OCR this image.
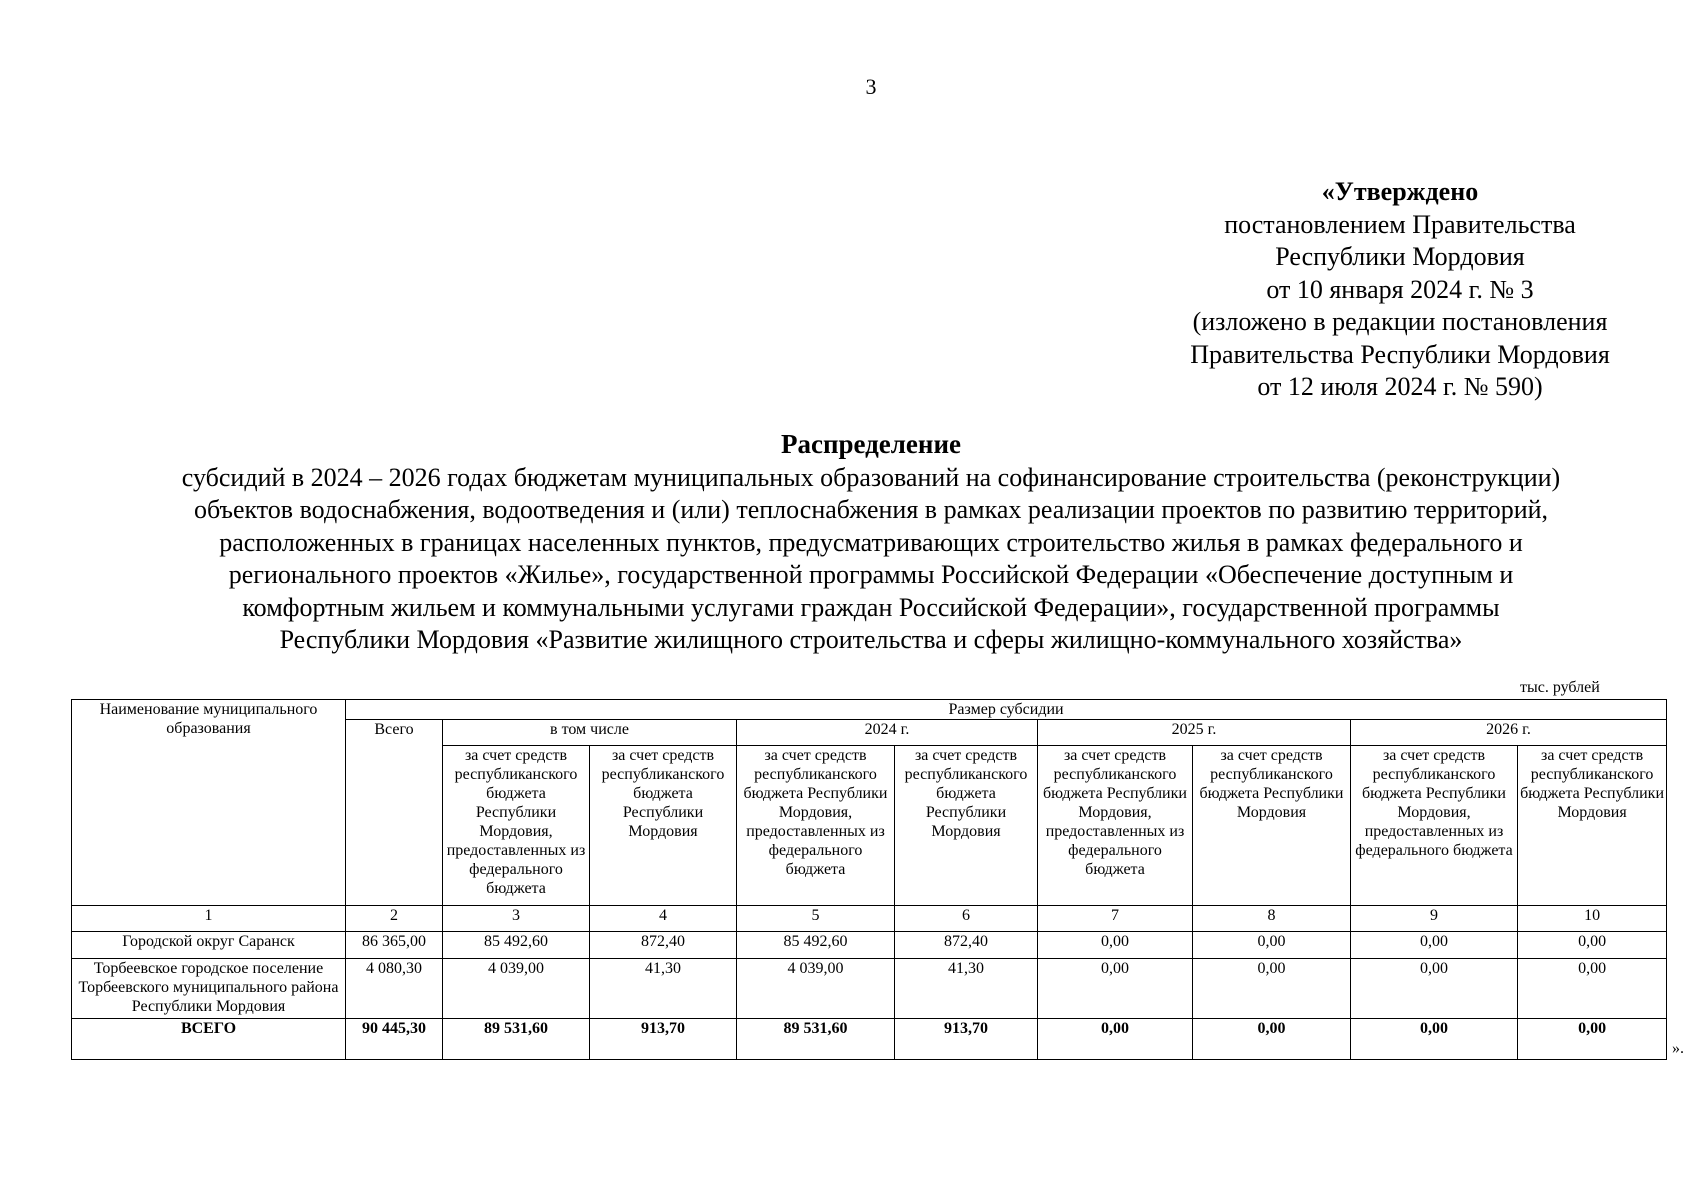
3
«Утверждено
постановлением Правительства
Республики Мордовия
от 10 января 2024 г. № 3
(изложено в редакции постановления
Правительства Республики Мордовия
от 12 июля 2024 г. № 590)
Распределение
субсидий в 2024 – 2026 годах бюджетам муниципальных образований на софинансирование строительства (реконструкции)
объектов водоснабжения, водоотведения и (или) теплоснабжения в рамках реализации проектов по развитию территорий,
расположенных в границах населенных пунктов, предусматривающих строительство жилья в рамках федерального и
регионального проектов «Жилье», государственной программы Российской Федерации «Обеспечение доступным и
комфортным жильем и коммунальными услугами граждан Российской Федерации», государственной программы
Республики Мордовия «Развитие жилищного строительства и сферы жилищно-коммунального хозяйства»
тыс. рублей
Наименование муниципального образования	Размер субсидии								
	Всего	в том числе		2024 г.		2025 г.		2026 г.	
		за счет средств республиканского бюджета Республики Мордовия, предоставленных из федерального бюджета	за счет средств республиканского бюджета Республики Мордовия	за счет средств республиканского бюджета Республики Мордовия, предоставленных из федерального бюджета	за счет средств республиканского бюджета Республики Мордовия	за счет средств республиканского бюджета Республики Мордовия, предоставленных из федерального бюджета	за счет средств республиканского бюджета Республики Мордовия	за счет средств республиканского бюджета Республики Мордовия, предоставленных из федерального бюджета	за счет средств республиканского бюджета Республики Мордовия
1	2	3	4	5	6	7	8	9	10
Городской округ Саранск	86 365,00	85 492,60	872,40	85 492,60	872,40	0,00	0,00	0,00	0,00
Торбеевское городское поселение Торбеевского муниципального района Республики Мордовия	4 080,30	4 039,00	41,30	4 039,00	41,30	0,00	0,00	0,00	0,00
ВСЕГО	90 445,30	89 531,60	913,70	89 531,60	913,70	0,00	0,00	0,00	0,00
».
